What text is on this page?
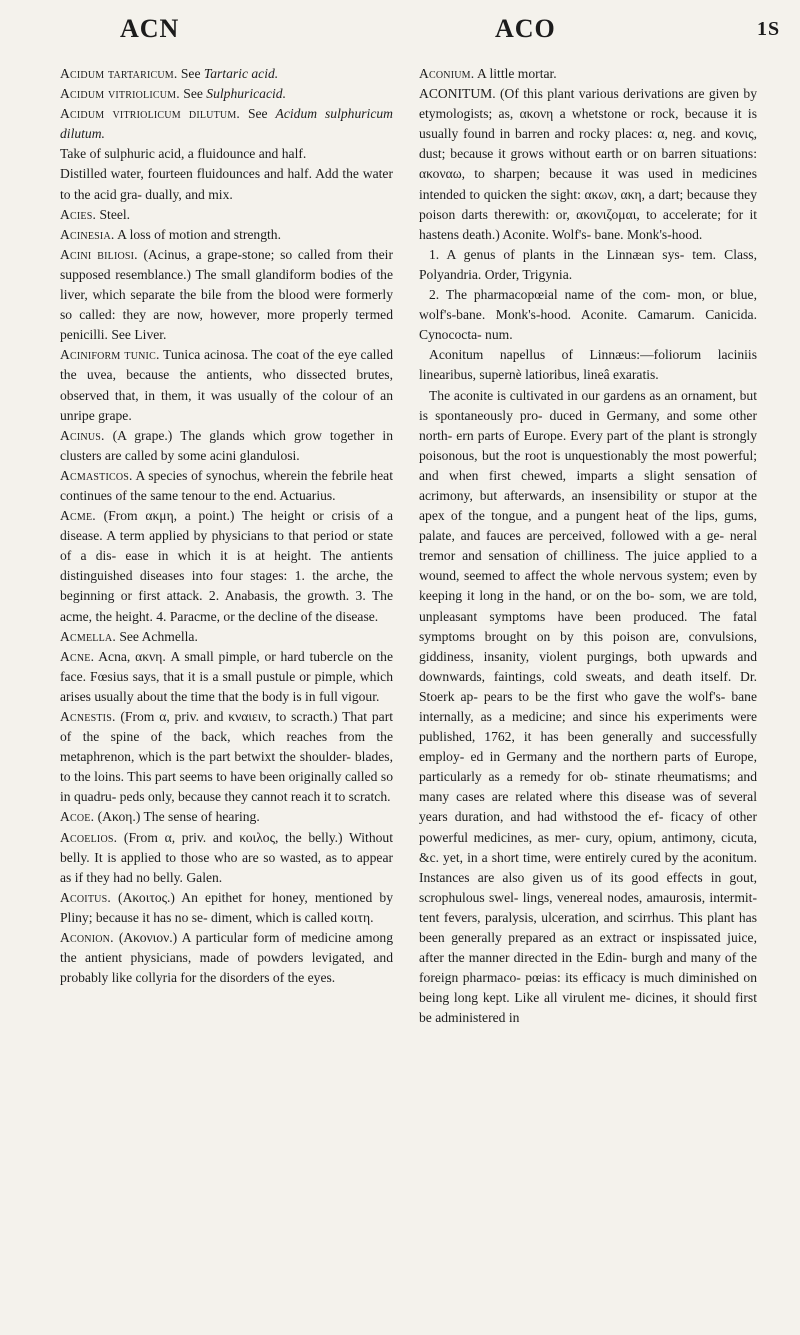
ACN	ACO	1S

Acidum tartaricum. See Tartaric acid.

Acidum vitriolicum. See Sulphuricacid.

Acidum vitriolicum dilutum. See Acidum sulphuricum dilutum.

Take of sulphuric acid, a fluidounce and half.

Distilled water, fourteen fluidounces and half. Add the water to the acid gra- dually, and mix.

Acies. Steel.

Acinesia. A loss of motion and strength.

Acini biliosi. (Acinus, a grape-stone; so called from their supposed resemblance.) The small glandiform bodies of the liver, which separate the bile from the blood were formerly so called: they are now, however, more properly termed penicilli. See Liver.

Aciniform tunic. Tunica acinosa. The coat of the eye called the uvea, because the antients, who dissected brutes, observed that, in them, it was usually of the colour of an unripe grape.

Acinus. (A grape.) The glands which grow together in clusters are called by some acini glandulosi.

Acmasticos. A species of synochus, wherein the febrile heat continues of the same tenour to the end. Actuarius.

Acme. (From ακμη, a point.) The height or crisis of a disease. A term applied by physicians to that period or state of a dis- ease in which it is at height. The antients distinguished diseases into four stages: 1. the arche, the beginning or first attack. 2. Anabasis, the growth. 3. The acme, the height. 4. Paracme, or the decline of the disease.

Acmella. See Achmella.

Acne. Acna, ακνη. A small pimple, or hard tubercle on the face. Fœsius says, that it is a small pustule or pimple, which arises usually about the time that the body is in full vigour.

Acnestis. (From α, priv. and κναιειν, to scracth.) That part of the spine of the back, which reaches from the metaphrenon, which is the part betwixt the shoulder- blades, to the loins. This part seems to have been originally called so in quadru- peds only, because they cannot reach it to scratch.

Acoe. (Ακοη.) The sense of hearing.

Acoelios. (From α, priv. and κοιλος, the belly.) Without belly. It is applied to those who are so wasted, as to appear as if they had no belly. Galen.

Acoitus. (Ακοιτος.) An epithet for honey, mentioned by Pliny; because it has no se- diment, which is called κοιτη.

Aconion. (Ακονιον.) A particular form of medicine among the antient physicians, made of powders levigated, and probably like collyria for the disorders of the eyes.

Aconium. A little mortar.

ACONITUM. (Of this plant various derivations are given by etymologists; as, ακονη a whetstone or rock, because it is usually found in barren and rocky places: α, neg. and κονις, dust; because it grows without earth or on barren situations: ακοναω, to sharpen; because it was used in medicines intended to quicken the sight: ακων, ακη, a dart; because they poison darts therewith: or, ακονιζομαι, to accelerate; for it hastens death.) Aconite. Wolf's- bane. Monk's-hood.

1. A genus of plants in the Linnæan sys- tem. Class, Polyandria. Order, Trigynia.

2. The pharmacopœial name of the com- mon, or blue, wolf's-bane. Monk's-hood. Aconite. Camarum. Canicida. Cynococta- num.

Aconitum napellus of Linnæus:—foliorum laciniis linearibus, supernè latioribus, lineâ exaratis.

The aconite is cultivated in our gardens as an ornament, but is spontaneously pro- duced in Germany, and some other north- ern parts of Europe. Every part of the plant is strongly poisonous, but the root is unquestionably the most powerful; and when first chewed, imparts a slight sensation of acrimony, but afterwards, an insensibility or stupor at the apex of the tongue, and a pungent heat of the lips, gums, palate, and fauces are perceived, followed with a ge- neral tremor and sensation of chilliness. The juice applied to a wound, seemed to affect the whole nervous system; even by keeping it long in the hand, or on the bo- som, we are told, unpleasant symptoms have been produced. The fatal symptoms brought on by this poison are, convulsions, giddiness, insanity, violent purgings, both upwards and downwards, faintings, cold sweats, and death itself. Dr. Stoerk ap- pears to be the first who gave the wolf's- bane internally, as a medicine; and since his experiments were published, 1762, it has been generally and successfully employ- ed in Germany and the northern parts of Europe, particularly as a remedy for ob- stinate rheumatisms; and many cases are related where this disease was of several years duration, and had withstood the ef- ficacy of other powerful medicines, as mer- cury, opium, antimony, cicuta, &c. yet, in a short time, were entirely cured by the aconitum. Instances are also given us of its good effects in gout, scrophulous swel- lings, venereal nodes, amaurosis, intermit- tent fevers, paralysis, ulceration, and scirrhus. This plant has been generally prepared as an extract or inspissated juice, after the manner directed in the Edin- burgh and many of the foreign pharmaco- pœias: its efficacy is much diminished on being long kept. Like all virulent me- dicines, it should first be administered in
